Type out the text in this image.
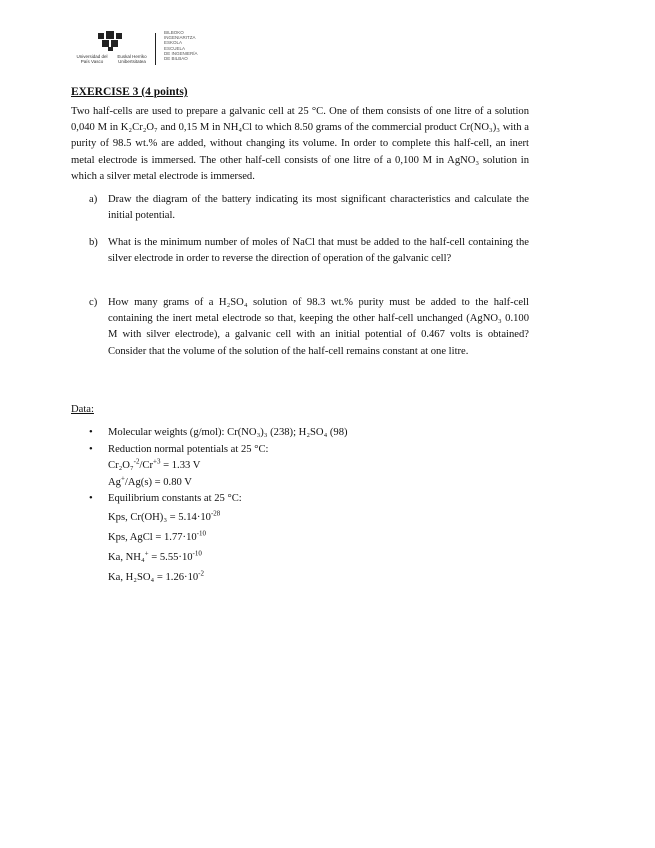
Universidad del País Vasco
Euskal Herriko Unibertsitatea
BILBOKO
INGENIARITZA
ESKOLA
ESCUELA
DE INGENIERÍA
DE BILBAO
EXERCISE 3 (4 points)
Two half-cells are used to prepare a galvanic cell at 25 °C. One of them consists of one litre of a solution 0,040 M in K₂Cr₂O₇ and 0,15 M in NH₄Cl to which 8.50 grams of the commercial product Cr(NO₃)₃ with a purity of 98.5 wt.% are added, without changing its volume. In order to complete this half-cell, an inert metal electrode is immersed. The other half-cell consists of one litre of a 0,100 M in AgNO₃ solution in which a silver metal electrode is immersed.
a) Draw the diagram of the battery indicating its most significant characteristics and calculate the initial potential.
b) What is the minimum number of moles of NaCl that must be added to the half-cell containing the silver electrode in order to reverse the direction of operation of the galvanic cell?
c) How many grams of a H₂SO₄ solution of 98.3 wt.% purity must be added to the half-cell containing the inert metal electrode so that, keeping the other half-cell unchanged (AgNO₃ 0.100 M with silver electrode), a galvanic cell with an initial potential of 0.467 volts is obtained? Consider that the volume of the solution of the half-cell remains constant at one litre.
Data:
• Molecular weights (g/mol): Cr(NO₃)₃ (238); H₂SO₄ (98)
• Reduction normal potentials at 25 °C:
$Cr_2O_7^{-2}/Cr^{+3} = 1.33$ V
Ag+/Ag(s) = 0.80 V
• Equilibrium constants at 25 °C:
Kps, $Cr(OH)_3 = 5.14\cdot 10^{-28}$
Kps, AgCl = $1.77\cdot 10^{-10}$
Ka, $NH_4^+ = 5.55\cdot 10^{-10}$
Ka, $H_2SO_4 = 1.26\cdot 10^{-2}$
